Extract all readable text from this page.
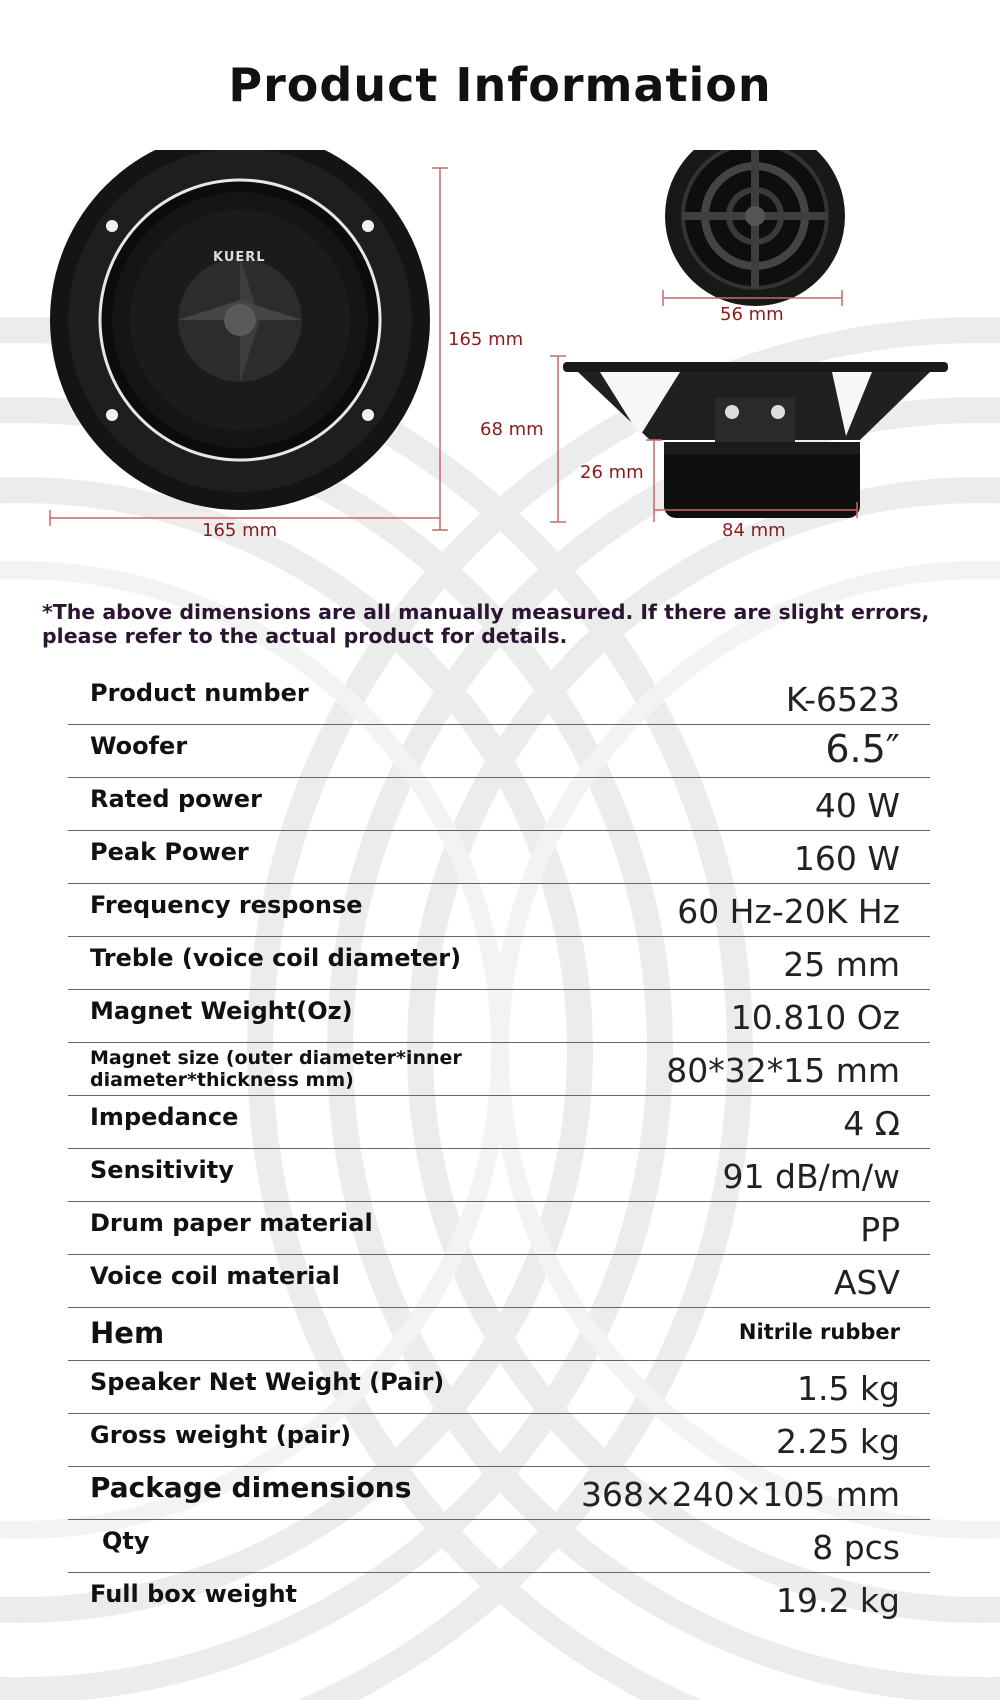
Product Information
KUERL
165 mm
165 mm
56 mm
68 mm
26 mm
84 mm
*The above dimensions are all manually measured. If there are slight errors, please refer to the actual product for details.
Product number	K-6523
Woofer	6.5″
Rated power	40 W
Peak Power	160 W
Frequency response	60 Hz-20K Hz
Treble (voice coil diameter)	25 mm
Magnet Weight(Oz)	10.810 Oz
Magnet size (outer diameter*inner diameter*thickness mm)	80*32*15 mm
Impedance	4 Ω
Sensitivity	91 dB/m/w
Drum paper material	PP
Voice coil material	ASV
Hem	Nitrile rubber
Speaker Net Weight (Pair)	1.5 kg
Gross weight (pair)	2.25 kg
Package dimensions	368×240×105 mm
Qty	8 pcs
Full box weight	19.2 kg
